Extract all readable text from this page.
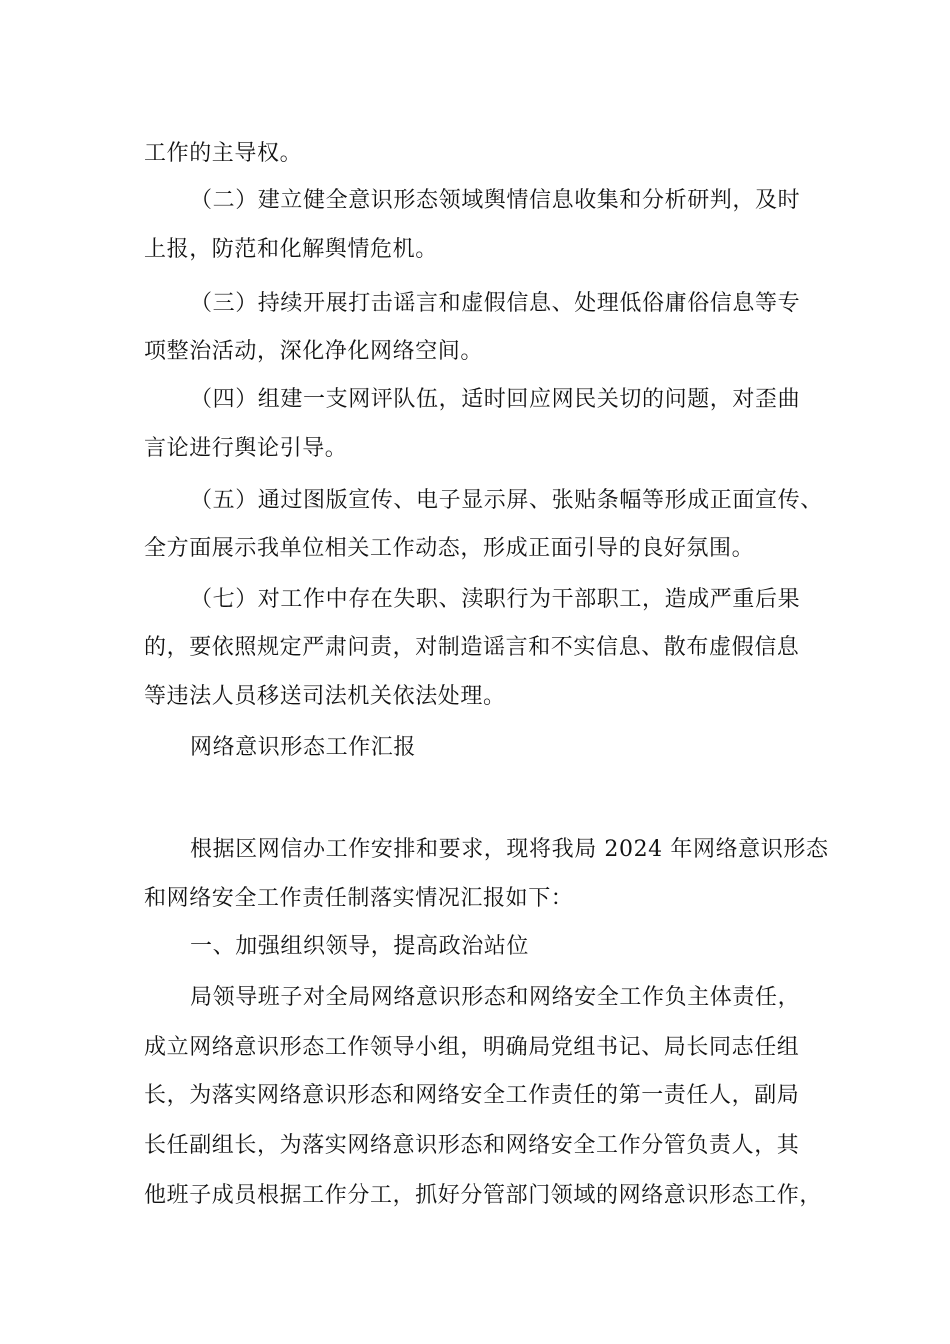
工作的主导权。
（二）建立健全意识形态领域舆情信息收集和分析研判，及时
上报，防范和化解舆情危机。
（三）持续开展打击谣言和虚假信息、处理低俗庸俗信息等专
项整治活动，深化净化网络空间。
（四）组建一支网评队伍，适时回应网民关切的问题，对歪曲
言论进行舆论引导。
（五）通过图版宣传、电子显示屏、张贴条幅等形成正面宣传、
全方面展示我单位相关工作动态，形成正面引导的良好氛围。
（七）对工作中存在失职、渎职行为干部职工，造成严重后果
的，要依照规定严肃问责，对制造谣言和不实信息、散布虚假信息
等违法人员移送司法机关依法处理。
网络意识形态工作汇报
根据区网信办工作安排和要求，现将我局 2024 年网络意识形态
和网络安全工作责任制落实情况汇报如下：
一、加强组织领导，提高政治站位
局领导班子对全局网络意识形态和网络安全工作负主体责任，
成立网络意识形态工作领导小组，明确局党组书记、局长同志任组
长，为落实网络意识形态和网络安全工作责任的第一责任人，副局
长任副组长，为落实网络意识形态和网络安全工作分管负责人，其
他班子成员根据工作分工，抓好分管部门领域的网络意识形态工作，
